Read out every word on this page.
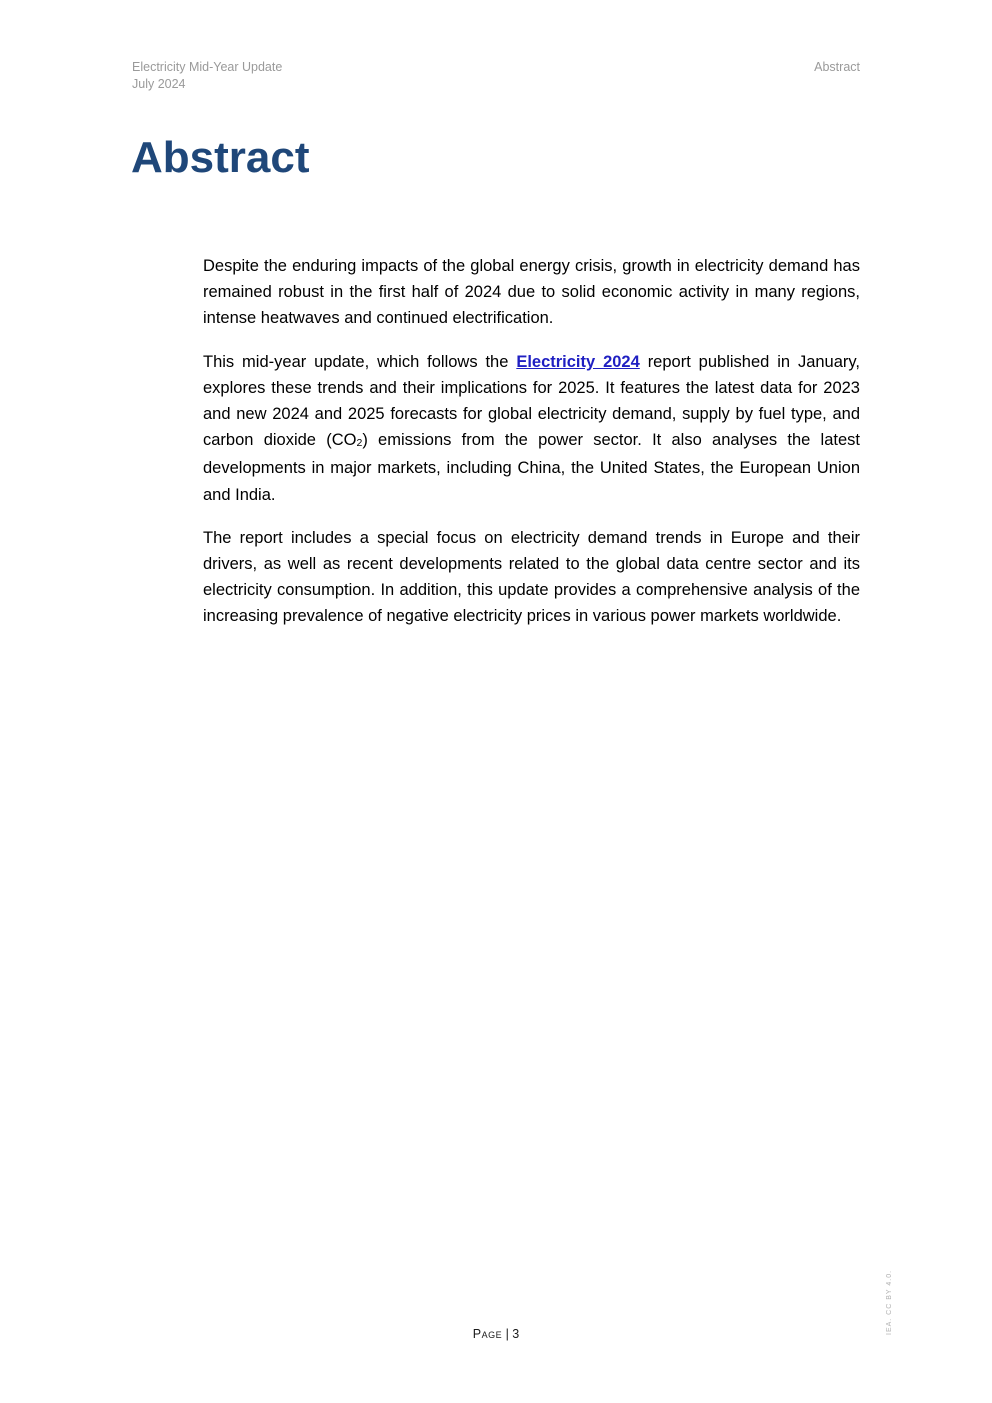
Electricity Mid-Year Update
July 2024
Abstract
Abstract

Despite the enduring impacts of the global energy crisis, growth in electricity demand has remained robust in the first half of 2024 due to solid economic activity in many regions, intense heatwaves and continued electrification.

This mid-year update, which follows the Electricity 2024 report published in January, explores these trends and their implications for 2025. It features the latest data for 2023 and new 2024 and 2025 forecasts for global electricity demand, supply by fuel type, and carbon dioxide $(CO_2)$ emissions from the power sector. It also analyses the latest developments in major markets, including China, the United States, the European Union and India.

The report includes a special focus on electricity demand trends in Europe and their drivers, as well as recent developments related to the global data centre sector and its electricity consumption. In addition, this update provides a comprehensive analysis of the increasing prevalence of negative electricity prices in various power markets worldwide.

Page | 3	IEA. CC BY 4.0.
